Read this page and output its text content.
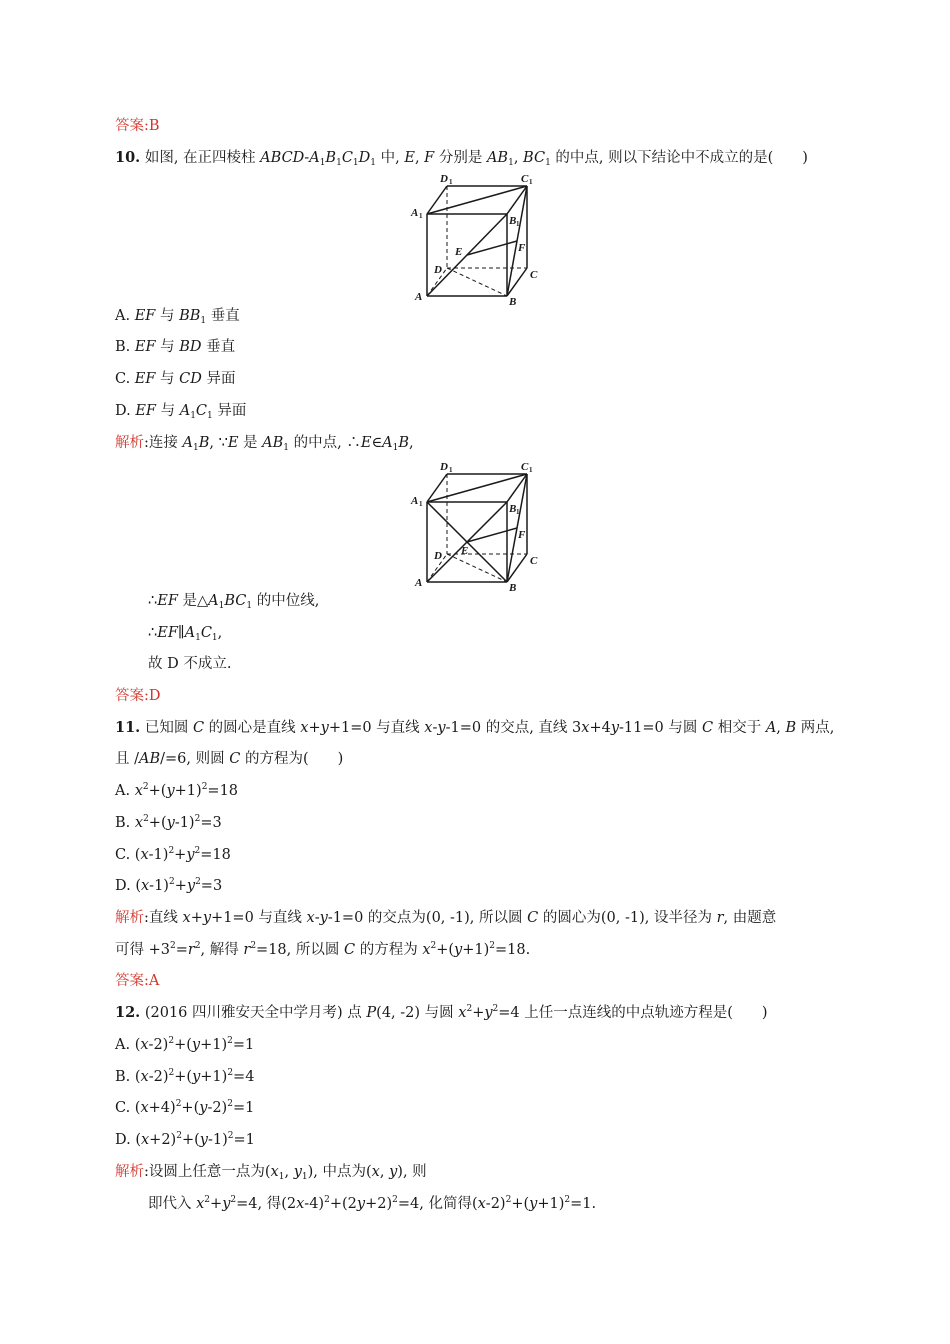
答案:B
10. 如图, 在正四棱柱 ABCD-$A_1B_1C_1D_1$ 中, E, F 分别是 $AB_1$, $BC_1$ 的中点, 则以下结论中不成立的是(　　)
D 1	C 1
A 1	B 1
E	F
D	C
A	B
A. EF 与 $BB_1$ 垂直
B. EF 与 BD 垂直
C. EF 与 CD 异面
D. EF 与 $A_1C_1$ 异面
解析:连接 $A_1B$, ∵E 是 $AB_1$ 的中点, $\therefore E\in A_1B$,
D 1	C 1
A 1	B 1
E
F
D	C
A	B
∴EF 是$\triangle A_1BC_1$ 的中位线,
$\therefore EF\parallel A_1C_1$,
故 D 不成立.
答案:D
11. 已知圆 C 的圆心是直线 x+y+1=0 与直线 x-y-1=0 的交点, 直线 3x+4y-11=0 与圆 C 相交于 A, B 两点,
且 /AB/=6, 则圆 C 的方程为(　　)
A. $x^2+(y+1)^2=18$
B. $x^2+(y-1)^2=3$
C. $(x-1)^2+y^2=18$
D. $(x-1)^2+y^2=3$
解析:直线 x+y+1=0 与直线 x-y-1=0 的交点为(0, -1), 所以圆 C 的圆心为(0, -1), 设半径为 r, 由题意
可得 $+3^2=r^2$, 解得 $r^2=18$, 所以圆 C 的方程为 $x^2+(y+1)^2=18$.
答案:A
12. (2016 四川雅安天全中学月考) 点 P(4, -2) 与圆 $x^2+y^2=4$ 上任一点连线的中点轨迹方程是(　　)
A. $(x-2)^2+(y+1)^2=1$
B. $(x-2)^2+(y+1)^2=4$
C. $(x+4)^2+(y-2)^2=1$
D. $(x+2)^2+(y-1)^2=1$
解析:设圆上任意一点为($x_1$, $y_1$), 中点为(x, y), 则
即代入 $x^2+y^2=4$, 得$(2x-4)^2+(2y+2)^2=4$, 化简得$(x-2)^2+(y+1)^2=1$.
